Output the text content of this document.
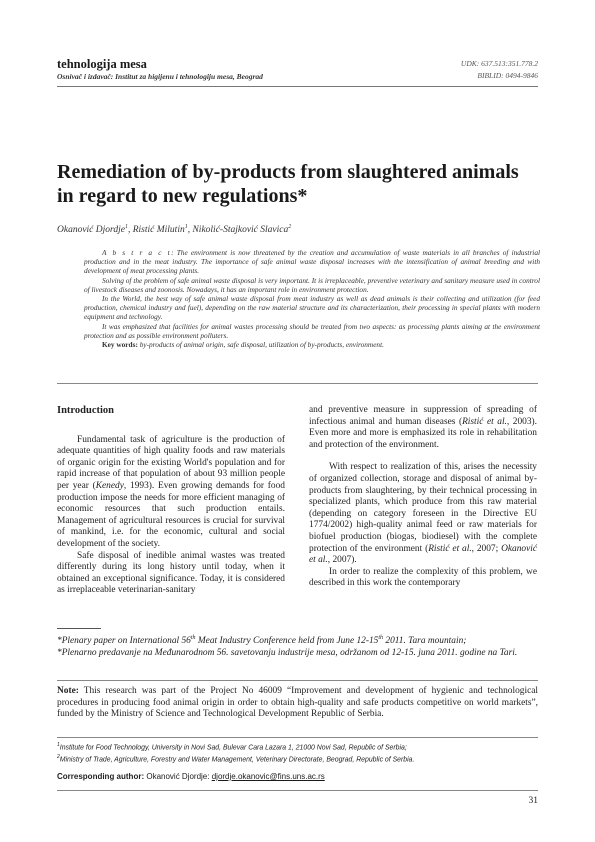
tehnologija mesa
Osnivač i izdavač: Institut za higijenu i tehnologiju mesa, Beograd
UDK: 637.513:351.778.2
BIBLID: 0494-9846
Remediation of by-products from slaughtered animals in regard to new regulations*
Okanović Djordje$^1$, Ristić Milutin$^1$, Nikolić-Stajković Slavica$^2$

A b s t r a c t: The environment is now threatened by the creation and accumulation of waste materials in all branches of industrial production and in the meat industry. The importance of safe animal waste disposal increases with the intensification of animal breeding and with development of meat processing plants.

Solving of the problem of safe animal waste disposal is very important. It is irreplaceable, preventive veterinary and sanitary measure used in control of livestock diseases and zoonosis. Nowadays, it has an important role in environment protection.

In the World, the best way of safe animal waste disposal from meat industry as well as dead animals is their collecting and utilization (for feed production, chemical industry and fuel), depending on the raw material structure and its characterization, their processing in special plants with modern equipment and technology.

It was emphasized that facilities for animal wastes processing should be treated from two aspects: as processing plants aiming at the environment protection and as possible environment polluters.

Key words: by-products of animal origin, safe disposal, utilization of by-products, environment.

Introduction

Fundamental task of agriculture is the production of adequate quantities of high quality foods and raw materials of organic origin for the existing World's population and for rapid increase of that population of about 93 million people per year (Kenedy, 1993). Even growing demands for food production impose the needs for more efficient managing of economic resources that such production entails. Management of agricultural resources is crucial for survival of mankind, i.e. for the economic, cultural and social development of the society.

Safe disposal of inedible animal wastes was treated differently during its long history until today, when it obtained an exceptional significance. Today, it is considered as irreplaceable veterinarian-sanitary

and preventive measure in suppression of spreading of infectious animal and human diseases (Ristić et al., 2003). Even more and more is emphasized its role in rehabilitation and protection of the environment.

With respect to realization of this, arises the necessity of organized collection, storage and disposal of animal by-products from slaughtering, by their technical processing in specialized plants, which produce from this raw material (depending on category foreseen in the Directive EU 1774/2002) high-quality animal feed or raw materials for biofuel production (biogas, biodiesel) with the complete protection of the environment (Ristić et al., 2007; Okanović et al., 2007).

In order to realize the complexity of this problem, we described in this work the contemporary

*Plenary paper on International 56th Meat Industry Conference held from June 12-15th 2011. Tara mountain;

*Plenarno predavanje na Međunarodnom 56. savetovanju industrije mesa, održanom od 12-15. juna 2011. godine na Tari.

Note: This research was part of the Project No 46009 “Improvement and development of hygienic and technological procedures in producing food animal origin in order to obtain high-quality and safe products competitive on world markets”, funded by the Ministry of Science and Technological Development Republic of Serbia.

$^1$Institute for Food Technology, University in Novi Sad, Bulevar Cara Lazara 1, 21000 Novi Sad, Republic of Serbia;

$^2$Ministry of Trade, Agriculture, Forestry and Water Management, Veterinary Directorate, Beograd, Republic of Serbia.

Corresponding author: Okanović Djordje: djordje.okanovic@fins.uns.ac.rs
31
